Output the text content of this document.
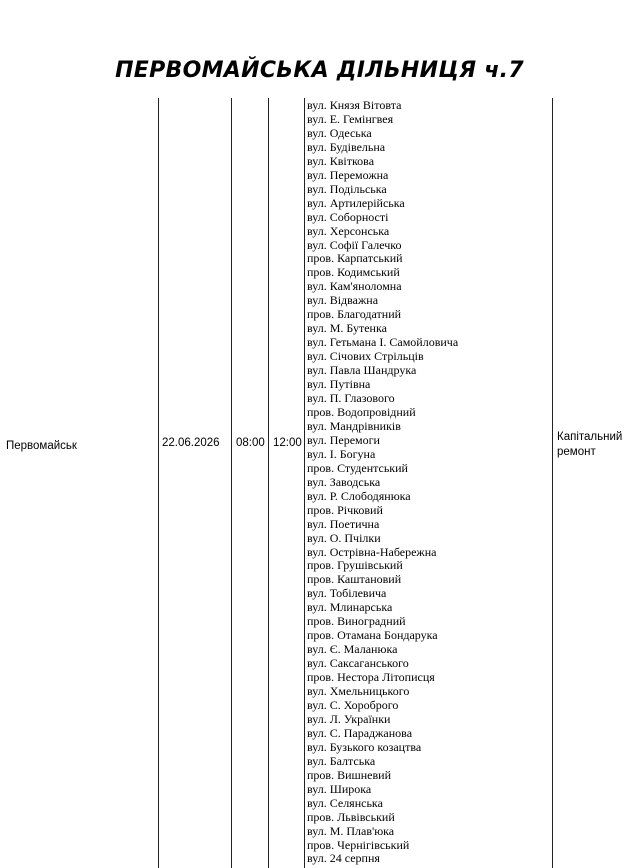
ПЕРВОМАЙСЬКА ДІЛЬНИЦЯ ч.7
Первомайськ	22.06.2026 08:00 12:00	Капітальний
ремонт
вул. Князя Вітовта
вул. Е. Гемінгвея
вул. Одеська
вул. Будівельна
вул. Квіткова
вул. Переможна
вул. Подільська
вул. Артилерійська
вул. Соборності
вул. Херсонська
вул. Софії Галечко
пров. Карпатський
пров. Кодимський
вул. Кам'яноломна
вул. Відважна
пров. Благодатний
вул. М. Бутенка
вул. Гетьмана І. Самойловича
вул. Січових Стрільців
вул. Павла Шандрука
вул. Путівна
вул. П. Глазового
пров. Водопровідний
вул. Мандрівників
вул. Перемоги
вул. І. Богуна
пров. Студентський
вул. Заводська
вул. Р. Слободянюка
пров. Річковий
вул. Поетична
вул. О. Пчілки
вул. Острівна-Набережна
пров. Грушівський
пров. Каштановий
вул. Тобілевича
вул. Млинарська
пров. Виноградний
пров. Отамана Бондарука
вул. Є. Маланюка
вул. Саксаганського
пров. Нестора Літописця
вул. Хмельницького
вул. С. Хороброго
вул. Л. Українки
вул. С. Параджанова
вул. Бузького козацтва
вул. Балтська
пров. Вишневий
вул. Широка
вул. Селянська
пров. Львівський
вул. М. Плав'юка
пров. Чернігівський
вул. 24 серпня
